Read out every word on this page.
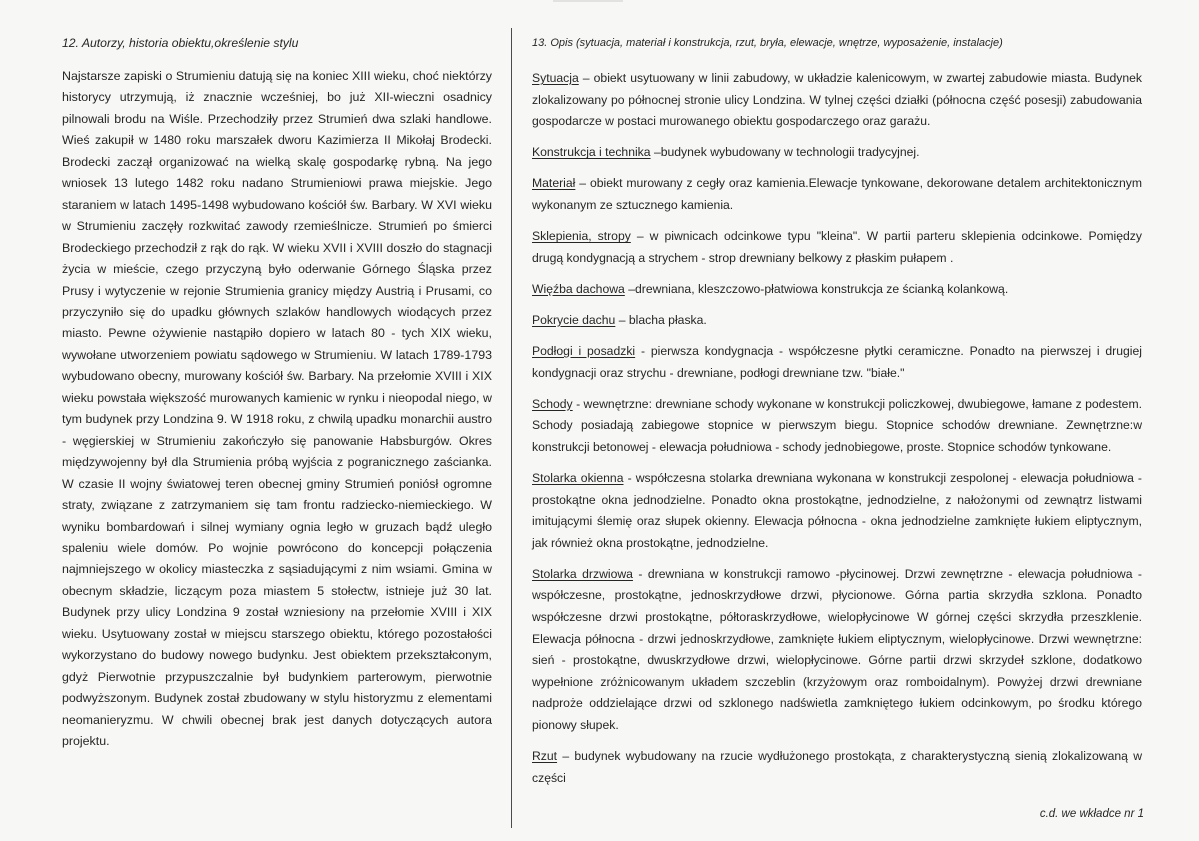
12. Autorzy, historia obiektu,określenie stylu

Najstarsze zapiski o Strumieniu datują się na koniec XIII wieku, choć niektórzy historycy utrzymują, iż znacznie wcześniej, bo już XII-wieczni osadnicy pilnowali brodu na Wiśle. Przechodziły przez Strumień dwa szlaki handlowe. Wieś zakupił w 1480 roku marszałek dworu Kazimierza II Mikołaj Brodecki. Brodecki zaczął organizować na wielką skalę gospodarkę rybną. Na jego wniosek 13 lutego 1482 roku nadano Strumieniowi prawa miejskie. Jego staraniem w latach 1495-1498 wybudowano kościół św. Barbary. W XVI wieku w Strumieniu zaczęły rozkwitać zawody rzemieślnicze. Strumień po śmierci Brodeckiego przechodził z rąk do rąk. W wieku XVII i XVIII doszło do stagnacji życia w mieście, czego przyczyną było oderwanie Górnego Śląska przez Prusy i wytyczenie w rejonie Strumienia granicy między Austrią i Prusami, co przyczyniło się do upadku głównych szlaków handlowych wiodących przez miasto. Pewne ożywienie nastąpiło dopiero w latach 80 - tych XIX wieku, wywołane utworzeniem powiatu sądowego w Strumieniu. W latach 1789-1793 wybudowano obecny, murowany kościół św. Barbary. Na przełomie XVIII i XIX wieku powstała większość murowanych kamienic w rynku i nieopodal niego, w tym budynek przy Londzina 9. W 1918 roku, z chwilą upadku monarchii austro - węgierskiej w Strumieniu zakończyło się panowanie Habsburgów. Okres międzywojenny był dla Strumienia próbą wyjścia z pogranicznego zaścianka. W czasie II wojny światowej teren obecnej gminy Strumień poniósł ogromne straty, związane z zatrzymaniem się tam frontu radziecko-niemieckiego. W wyniku bombardowań i silnej wymiany ognia legło w gruzach bądź uległo spaleniu wiele domów. Po wojnie powrócono do koncepcji połączenia najmniejszego w okolicy miasteczka z sąsiadującymi z nim wsiami. Gmina w obecnym składzie, liczącym poza miastem 5 stołectw, istnieje już 30 lat. Budynek przy ulicy Londzina 9 został wzniesiony na przełomie XVIII i XIX wieku. Usytuowany został w miejscu starszego obiektu, którego pozostałości wykorzystano do budowy nowego budynku. Jest obiektem przekształconym, gdyż Pierwotnie przypuszczalnie był budynkiem parterowym, pierwotnie podwyższonym. Budynek został zbudowany w stylu historyzmu z elementami neomanieryzmu. W chwili obecnej brak jest danych dotyczących autora projektu.

13. Opis (sytuacja, materiał i konstrukcja, rzut, bryła, elewacje, wnętrze, wyposażenie, instalacje)

Sytuacja – obiekt usytuowany w linii zabudowy, w układzie kalenicowym, w zwartej zabudowie miasta. Budynek zlokalizowany po północnej stronie ulicy Londzina. W tylnej części działki (północna część posesji) zabudowania gospodarcze w postaci murowanego obiektu gospodarczego oraz garażu.

Konstrukcja i technika –budynek wybudowany w technologii tradycyjnej.

Materiał – obiekt murowany z cegły oraz kamienia.Elewacje tynkowane, dekorowane detalem architektonicznym wykonanym ze sztucznego kamienia.

Sklepienia, stropy – w piwnicach odcinkowe typu "kleina". W partii parteru sklepienia odcinkowe. Pomiędzy drugą kondygnacją a strychem - strop drewniany belkowy z płaskim pułapem .

Więźba dachowa –drewniana, kleszczowo-płatwiowa konstrukcja ze ścianką kolankową.

Pokrycie dachu – blacha płaska.

Podłogi i posadzki - pierwsza kondygnacja - współczesne płytki ceramiczne. Ponadto na pierwszej i drugiej kondygnacji oraz strychu - drewniane, podłogi drewniane tzw. "białe."

Schody - wewnętrzne: drewniane schody wykonane w konstrukcji policzkowej, dwubiegowe, łamane z podestem. Schody posiadają zabiegowe stopnice w pierwszym biegu. Stopnice schodów drewniane. Zewnętrzne:w konstrukcji betonowej - elewacja południowa - schody jednobiegowe, proste. Stopnice schodów tynkowane.

Stolarka okienna - współczesna stolarka drewniana wykonana w konstrukcji zespolonej - elewacja południowa - prostokątne okna jednodzielne. Ponadto okna prostokątne, jednodzielne, z nałożonymi od zewnątrz listwami imitującymi ślemię oraz słupek okienny. Elewacja północna - okna jednodzielne zamknięte łukiem eliptycznym, jak również okna prostokątne, jednodzielne.

Stolarka drzwiowa - drewniana w konstrukcji ramowo -płycinowej. Drzwi zewnętrzne - elewacja południowa - współczesne, prostokątne, jednoskrzydłowe drzwi, płycionowe. Górna partia skrzydła szklona. Ponadto współczesne drzwi prostokątne, półtoraskrzydłowe, wielopłycinowe W górnej części skrzydła przeszklenie. Elewacja północna - drzwi jednoskrzydłowe, zamknięte łukiem eliptycznym, wielopłycinowe. Drzwi wewnętrzne: sień - prostokątne, dwuskrzydłowe drzwi, wielopłycinowe. Górne partii drzwi skrzydeł szklone, dodatkowo wypełnione zróżnicowanym układem szczeblin (krzyżowym oraz romboidalnym). Powyżej drzwi drewniane nadproże oddzielające drzwi od szklonego nadświetla zamkniętego łukiem odcinkowym, po środku którego pionowy słupek.

Rzut – budynek wybudowany na rzucie wydłużonego prostokąta, z charakterystyczną sienią zlokalizowaną w części

c.d. we wkładce nr 1
